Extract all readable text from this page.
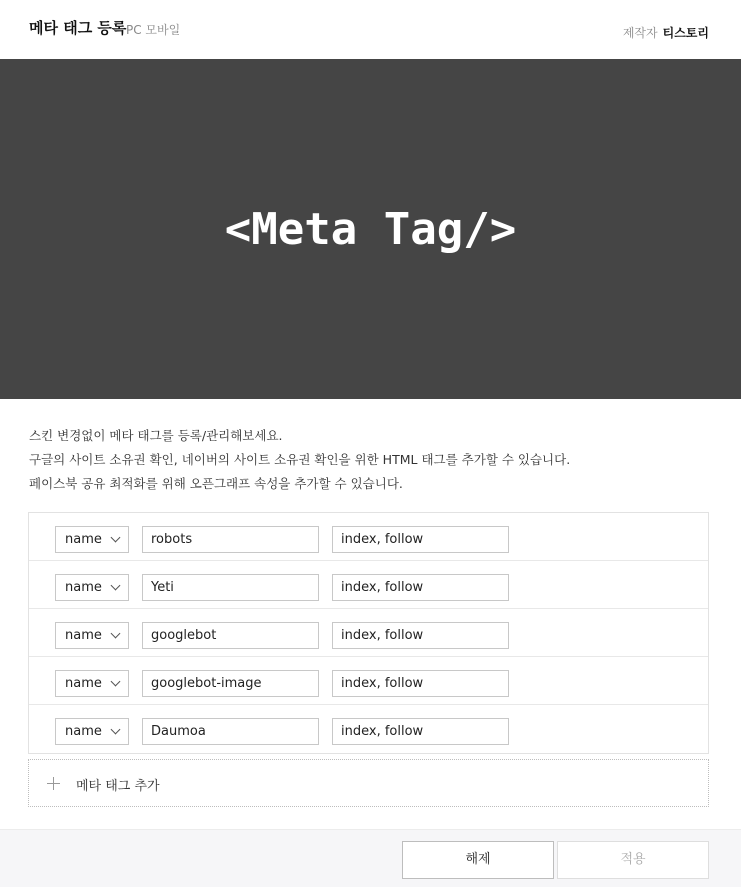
메타 태그 등록 PC 모바일	제작자 티스토리
<Meta Tag/>
스킨 변경없이 메타 태그를 등록/관리해보세요.
구글의 사이트 소유권 확인, 네이버의 사이트 소유권 확인을 위한 HTML 태그를 추가할 수 있습니다.
페이스북 공유 최적화를 위해 오픈그래프 속성을 추가할 수 있습니다.
name	robots	index, follow
name	Yeti	index, follow
name	googlebot	index, follow
name	googlebot-image	index, follow
name	Daumoa	index, follow
메타 태그 추가
해제	적용
